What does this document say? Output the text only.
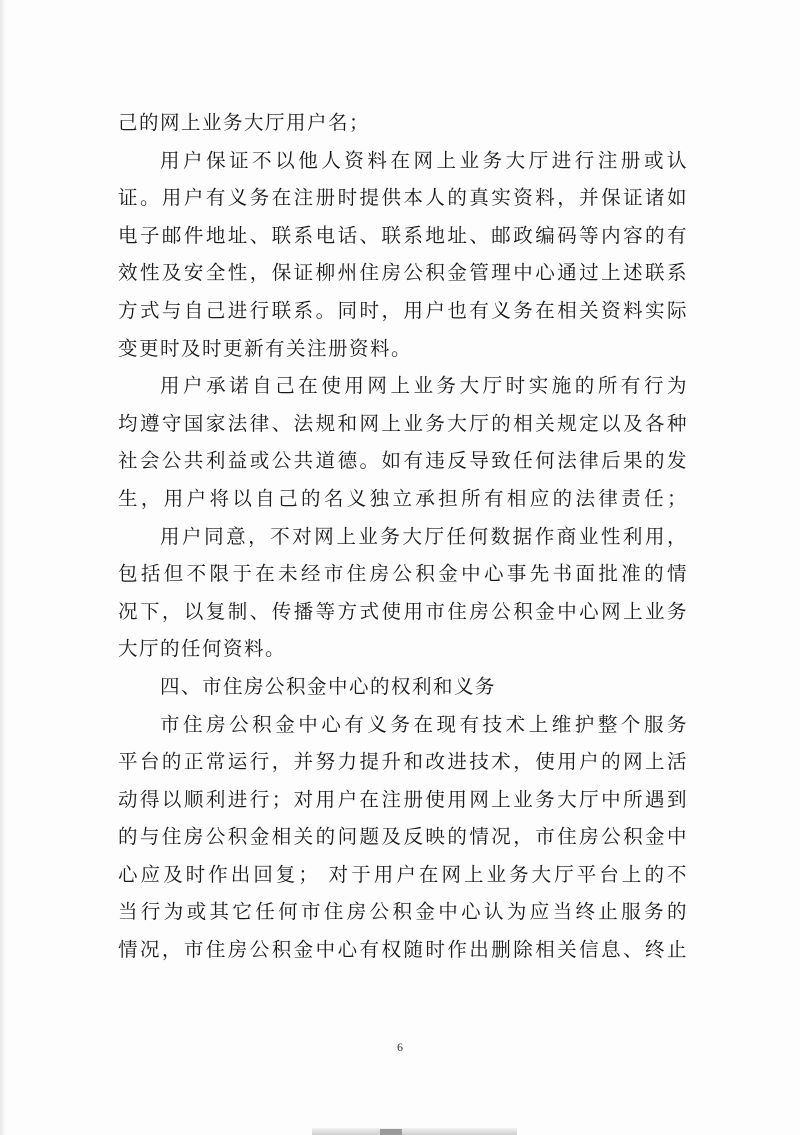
己的网上业务大厅用户名；
用户保证不以他人资料在网上业务大厅进行注册或认
证。用户有义务在注册时提供本人的真实资料，并保证诸如
电子邮件地址、联系电话、联系地址、邮政编码等内容的有
效性及安全性，保证柳州住房公积金管理中心通过上述联系
方式与自己进行联系。同时，用户也有义务在相关资料实际
变更时及时更新有关注册资料。
用户承诺自己在使用网上业务大厅时实施的所有行为
均遵守国家法律、法规和网上业务大厅的相关规定以及各种
社会公共利益或公共道德。如有违反导致任何法律后果的发
生，用户将以自己的名义独立承担所有相应的法律责任；
用户同意，不对网上业务大厅任何数据作商业性利用，
包括但不限于在未经市住房公积金中心事先书面批准的情
况下，以复制、传播等方式使用市住房公积金中心网上业务
大厅的任何资料。
四、市住房公积金中心的权利和义务
市住房公积金中心有义务在现有技术上维护整个服务
平台的正常运行，并努力提升和改进技术，使用户的网上活
动得以顺利进行；对用户在注册使用网上业务大厅中所遇到
的与住房公积金相关的问题及反映的情况，市住房公积金中
心应及时作出回复； 对于用户在网上业务大厅平台上的不
当行为或其它任何市住房公积金中心认为应当终止服务的
情况，市住房公积金中心有权随时作出删除相关信息、终止
6
